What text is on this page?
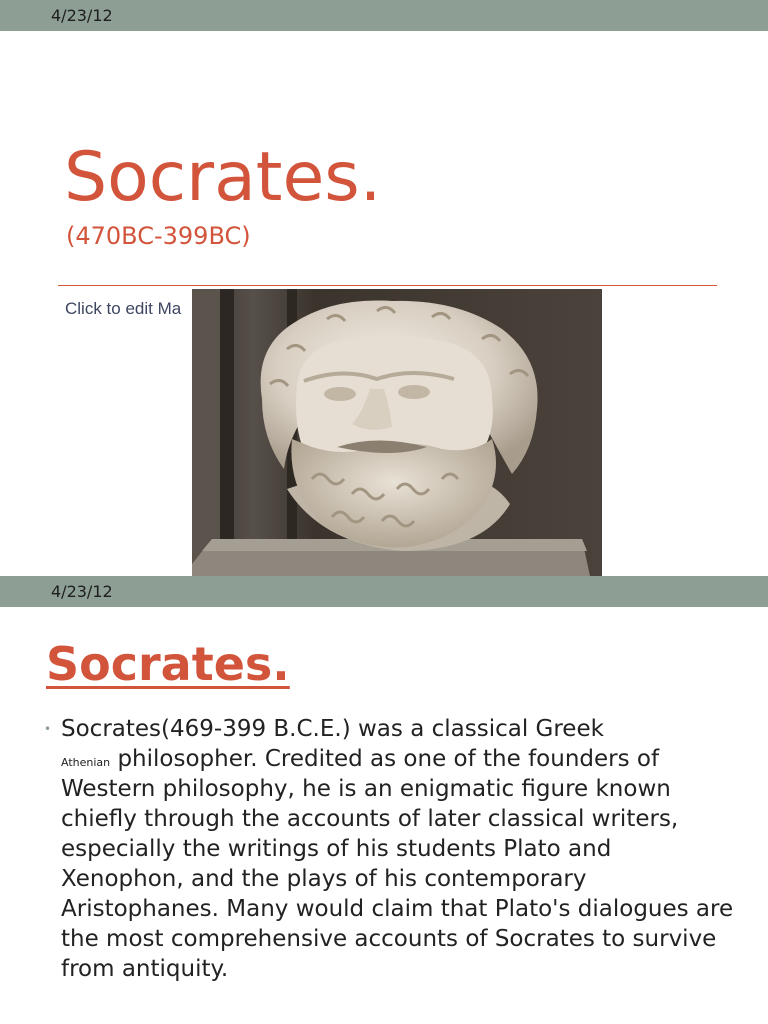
4/23/12
Socrates.
(470BC-399BC)
Click to edit Ma
4/23/12
Socrates.
• Socrates(469-399 B.C.E.) was a classical Greek
Athenian philosopher. Credited as one of the founders of Western philosophy, he is an enigmatic figure known chiefly through the accounts of later classical writers, especially the writings of his students Plato and Xenophon, and the plays of his contemporary Aristophanes. Many would claim that Plato's dialogues are the most comprehensive accounts of Socrates to survive from antiquity.
